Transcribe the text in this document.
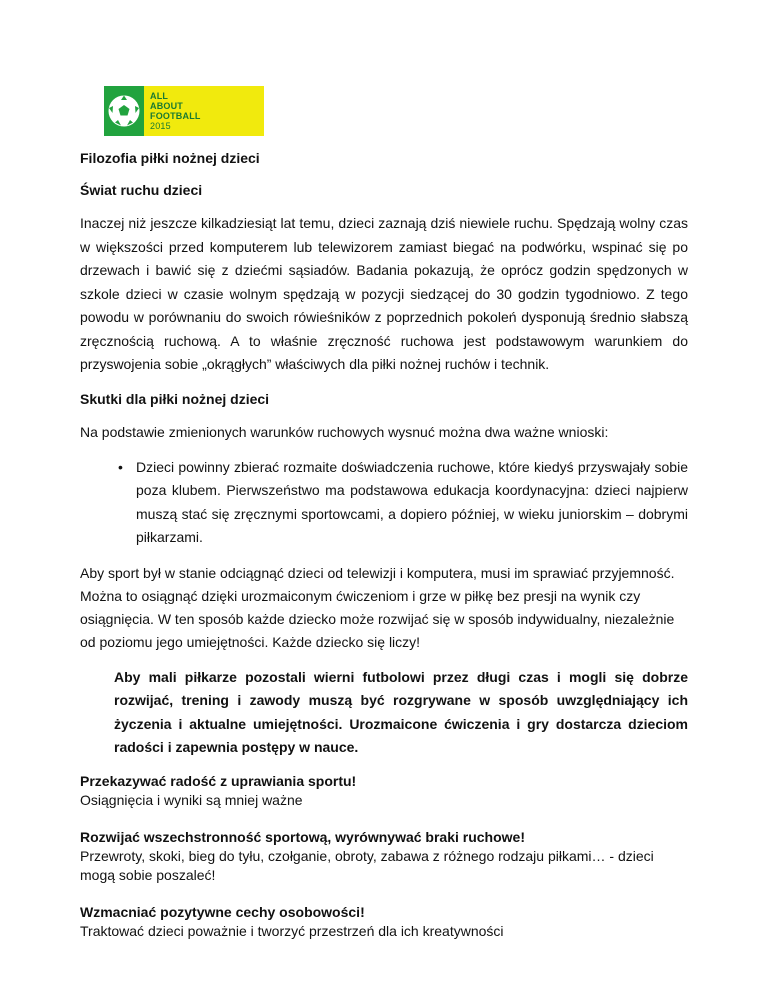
ALL
ABOUT
FOOTBALL
2015
Filozofia piłki nożnej dzieci
Świat ruchu dzieci
Inaczej niż jeszcze kilkadziesiąt lat temu, dzieci zaznają dziś niewiele ruchu. Spędzają wolny czas w większości przed komputerem lub telewizorem zamiast biegać na podwórku, wspinać się po drzewach i bawić się z dziećmi sąsiadów. Badania pokazują, że oprócz godzin spędzonych w szkole dzieci w czasie wolnym spędzają w pozycji siedzącej do 30 godzin tygodniowo. Z tego powodu w porównaniu do swoich rówieśników z poprzednich pokoleń dysponują średnio słabszą zręcznością ruchową. A to właśnie zręczność ruchowa jest podstawowym warunkiem do przyswojenia sobie „okrągłych” właściwych dla piłki nożnej ruchów i technik.
Skutki dla piłki nożnej dzieci
Na podstawie zmienionych warunków ruchowych wysnuć można dwa ważne wnioski:
• Dzieci powinny zbierać rozmaite doświadczenia ruchowe, które kiedyś przyswajały sobie poza klubem. Pierwszeństwo ma podstawowa edukacja koordynacyjna: dzieci najpierw muszą stać się zręcznymi sportowcami, a dopiero później, w wieku juniorskim – dobrymi piłkarzami.
Aby sport był w stanie odciągnąć dzieci od telewizji i komputera, musi im sprawiać przyjemność. Można to osiągnąć dzięki urozmaiconym ćwiczeniom i grze w piłkę bez presji na wynik czy osiągnięcia. W ten sposób każde dziecko może rozwijać się w sposób indywidualny, niezależnie od poziomu jego umiejętności. Każde dziecko się liczy!
Aby mali piłkarze pozostali wierni futbolowi przez długi czas i mogli się dobrze rozwijać, trening i zawody muszą być rozgrywane w sposób uwzględniający ich życzenia i aktualne umiejętności. Urozmaicone ćwiczenia i gry dostarcza dzieciom radości i zapewnia postępy w nauce.
Przekazywać radość z uprawiania sportu!
Osiągnięcia i wyniki są mniej ważne
Rozwijać wszechstronność sportową, wyrównywać braki ruchowe!
Przewroty, skoki, bieg do tyłu, czołganie, obroty, zabawa z różnego rodzaju piłkami… - dzieci mogą sobie poszaleć!
Wzmacniać pozytywne cechy osobowości!
Traktować dzieci poważnie i tworzyć przestrzeń dla ich kreatywności
